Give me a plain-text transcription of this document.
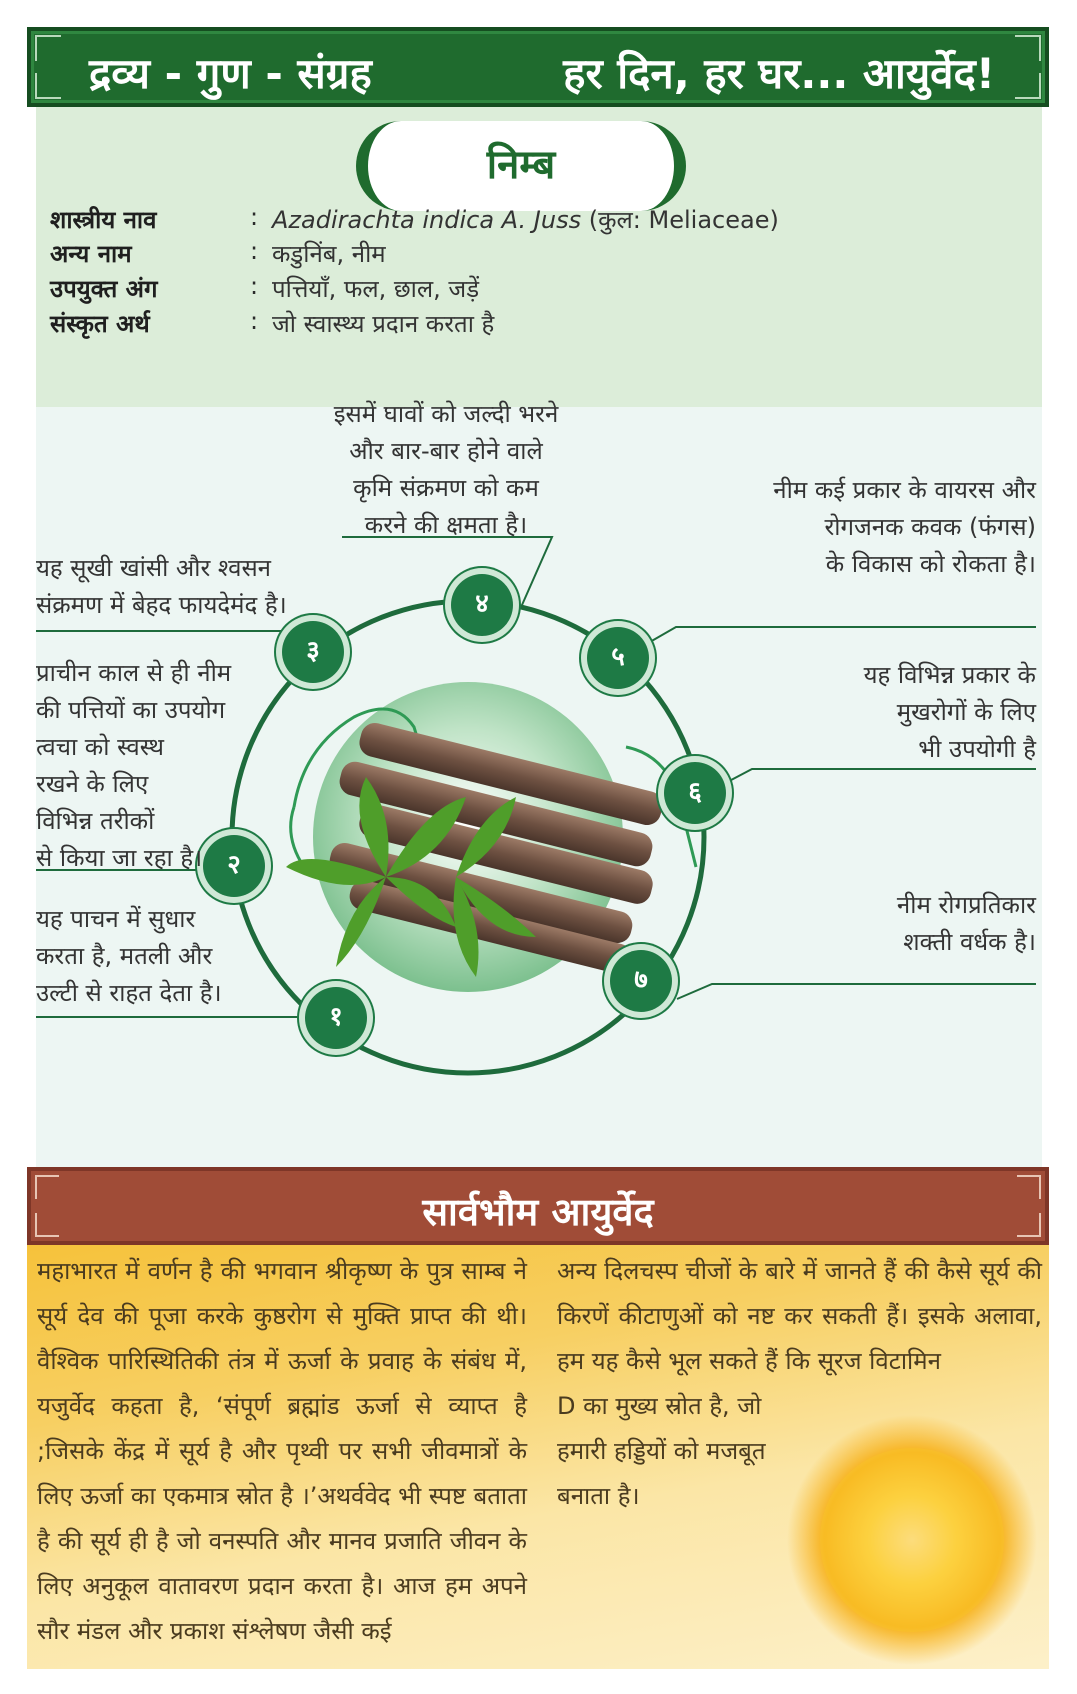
द्रव्य - गुण - संग्रह	हर दिन, हर घर... आयुर्वेद!
निम्ब
शास्त्रीय नाव	: Azadirachta indica A. Juss (कुल: Meliaceae)
अन्य नाम	: कडुनिंब, नीम
उपयुक्त अंग	: पत्तियाँ, फल, छाल, जड़ें
संस्कृत अर्थ	: जो स्वास्थ्य प्रदान करता है
१
२
३
४
५
६
७
यह पाचन में सुधार
करता है, मतली और
उल्टी से राहत देता है।
प्राचीन काल से ही नीम
की पत्तियों का उपयोग
त्वचा को स्वस्थ
रखने के लिए
विभिन्न तरीकों
से किया जा रहा है।
यह सूखी खांसी और श्वसन
संक्रमण में बेहद फायदेमंद है।
इसमें घावों को जल्दी भरने
और बार-बार होने वाले
कृमि संक्रमण को कम
करने की क्षमता है।
नीम कई प्रकार के वायरस और
रोगजनक कवक (फंगस)
के विकास को रोकता है।
यह विभिन्न प्रकार के
मुखरोगों के लिए
भी उपयोगी है
नीम रोगप्रतिकार
शक्ती वर्धक है।
सार्वभौम आयुर्वेद
महाभारत में वर्णन है की भगवान श्रीकृष्ण के पुत्र साम्ब ने सूर्य देव की पूजा करके कुष्ठरोग से मुक्ति प्राप्त की थी। वैश्विक पारिस्थितिकी तंत्र में ऊर्जा के प्रवाह के संबंध में, यजुर्वेद कहता है, ‘संपूर्ण ब्रह्मांड ऊर्जा से व्याप्त है ;जिसके केंद्र में सूर्य है और पृथ्वी पर सभी जीवमात्रों के लिए ऊर्जा का एकमात्र स्रोत है ।’अथर्ववेद भी स्पष्ट बताता है की सूर्य ही है जो वनस्पति और मानव प्रजाति जीवन के लिए अनुकूल वातावरण प्रदान करता है। आज हम अपने सौर मंडल और प्रकाश संश्लेषण जैसी कई
अन्य दिलचस्प चीजों के बारे में जानते हैं की कैसे सूर्य की किरणें कीटाणुओं को नष्ट कर सकती हैं। इसके अलावा, हम यह कैसे भूल सकते हैं कि सूरज विटामिन
D का मुख्य स्रोत है, जो हमारी हड्डियों को मजबूत बनाता है।
